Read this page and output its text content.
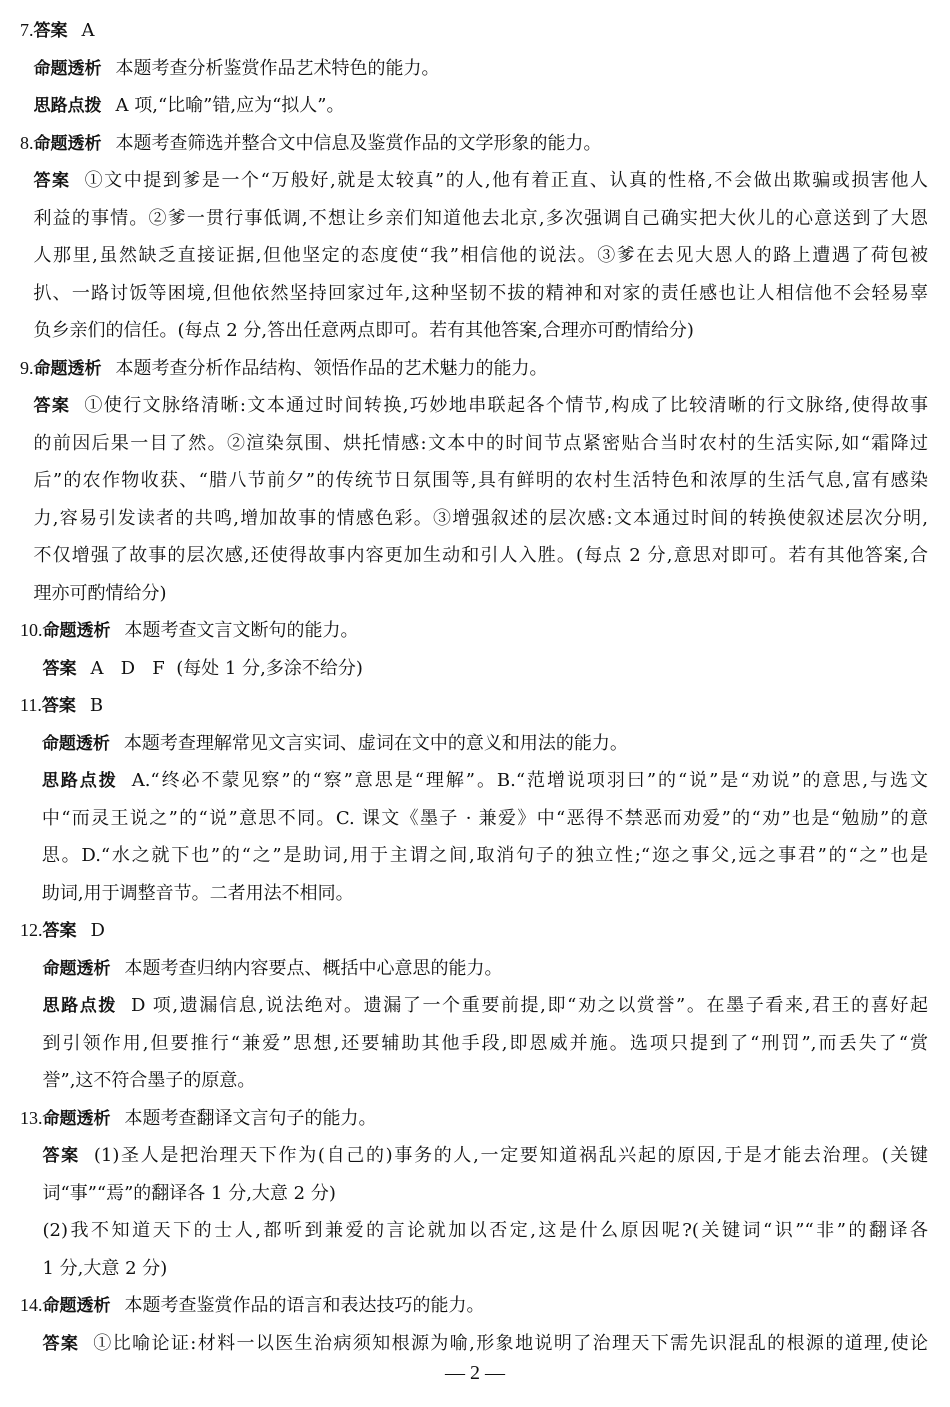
7. 答案 A
命题透析 本题考查分析鉴赏作品艺术特色的能力。
思路点拨 A 项,“比喻”错,应为“拟人”。
8. 命题透析 本题考查筛选并整合文中信息及鉴赏作品的文学形象的能力。
答案 ①文中提到爹是一个“万般好,就是太较真”的人,他有着正直、认真的性格,不会做出欺骗或损害他人
利益的事情。②爹一贯行事低调,不想让乡亲们知道他去北京,多次强调自己确实把大伙儿的心意送到了大恩
人那里,虽然缺乏直接证据,但他坚定的态度使“我”相信他的说法。③爹在去见大恩人的路上遭遇了荷包被
扒、一路讨饭等困境,但他依然坚持回家过年,这种坚韧不拔的精神和对家的责任感也让人相信他不会轻易辜
负乡亲们的信任。(每点 2 分,答出任意两点即可。若有其他答案,合理亦可酌情给分)
9. 命题透析 本题考查分析作品结构、领悟作品的艺术魅力的能力。
答案 ①使行文脉络清晰:文本通过时间转换,巧妙地串联起各个情节,构成了比较清晰的行文脉络,使得故事
的前因后果一目了然。②渲染氛围、烘托情感:文本中的时间节点紧密贴合当时农村的生活实际,如“霜降过
后”的农作物收获、“腊八节前夕”的传统节日氛围等,具有鲜明的农村生活特色和浓厚的生活气息,富有感染
力,容易引发读者的共鸣,增加故事的情感色彩。③增强叙述的层次感:文本通过时间的转换使叙述层次分明,
不仅增强了故事的层次感,还使得故事内容更加生动和引人入胜。(每点 2 分,意思对即可。若有其他答案,合
理亦可酌情给分)
10. 命题透析 本题考查文言文断句的能力。
答案 A   D   F  (每处 1 分,多涂不给分)
11. 答案 B
命题透析 本题考查理解常见文言实词、虚词在文中的意义和用法的能力。
思路点拨 A.“终必不蒙见察”的“察”意思是“理解”。B.“范增说项羽曰”的“说”是“劝说”的意思,与选文
中“而灵王说之”的“说”意思不同。C. 课文《墨子 · 兼爱》中“恶得不禁恶而劝爱”的“劝”也是“勉励”的意
思。D.“水之就下也”的“之”是助词,用于主谓之间,取消句子的独立性;“迩之事父,远之事君”的“之”也是
助词,用于调整音节。二者用法不相同。
12. 答案 D
命题透析 本题考查归纳内容要点、概括中心意思的能力。
思路点拨 D 项,遗漏信息,说法绝对。遗漏了一个重要前提,即“劝之以赏誉”。在墨子看来,君王的喜好起
到引领作用,但要推行“兼爱”思想,还要辅助其他手段,即恩威并施。选项只提到了“刑罚”,而丢失了“赏
誉”,这不符合墨子的原意。
13. 命题透析 本题考查翻译文言句子的能力。
答案 (1)圣人是把治理天下作为(自己的)事务的人,一定要知道祸乱兴起的原因,于是才能去治理。(关键
词“事”“焉”的翻译各 1 分,大意 2 分)
(2)我不知道天下的士人,都听到兼爱的言论就加以否定,这是什么原因呢?(关键词“识”“非”的翻译各
1 分,大意 2 分)
14. 命题透析 本题考查鉴赏作品的语言和表达技巧的能力。
答案 ①比喻论证:材料一以医生治病须知根源为喻,形象地说明了治理天下需先识混乱的根源的道理,使论
— 2 —
